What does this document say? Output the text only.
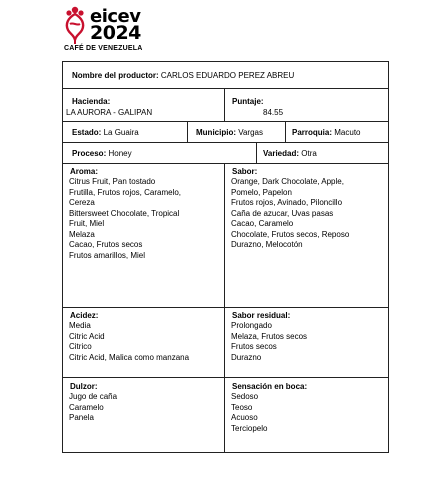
eicev
2024
CAFÉ DE VENEZUELA
Nombre del productor: CARLOS EDUARDO PEREZ ABREU
Hacienda:
LA AURORA - GALIPAN
Puntaje:
84.55
Estado: La Guaira	Municipio: Vargas	Parroquia: Macuto
Proceso: Honey	Variedad: Otra
Aroma:
Citrus Fruit, Pan tostado
Frutilla, Frutos rojos, Caramelo,
Cereza
Bittersweet Chocolate, Tropical
Fruit, Miel
Melaza
Cacao, Frutos secos
Frutos amarillos, Miel
Sabor:
Orange, Dark Chocolate, Apple,
Pomelo, Papelon
Frutos rojos, Avinado, Piloncillo
Caña de azucar, Uvas pasas
Cacao, Caramelo
Chocolate, Frutos secos, Reposo
Durazno, Melocotón
Acidez:
Media
Citric Acid
Citrico
Citric Acid, Malica como manzana
Sabor residual:
Prolongado
Melaza, Frutos secos
Frutos secos
Durazno
Dulzor:
Jugo de caña
Caramelo
Panela
Sensación en boca:
Sedoso
Teoso
Acuoso
Terciopelo
